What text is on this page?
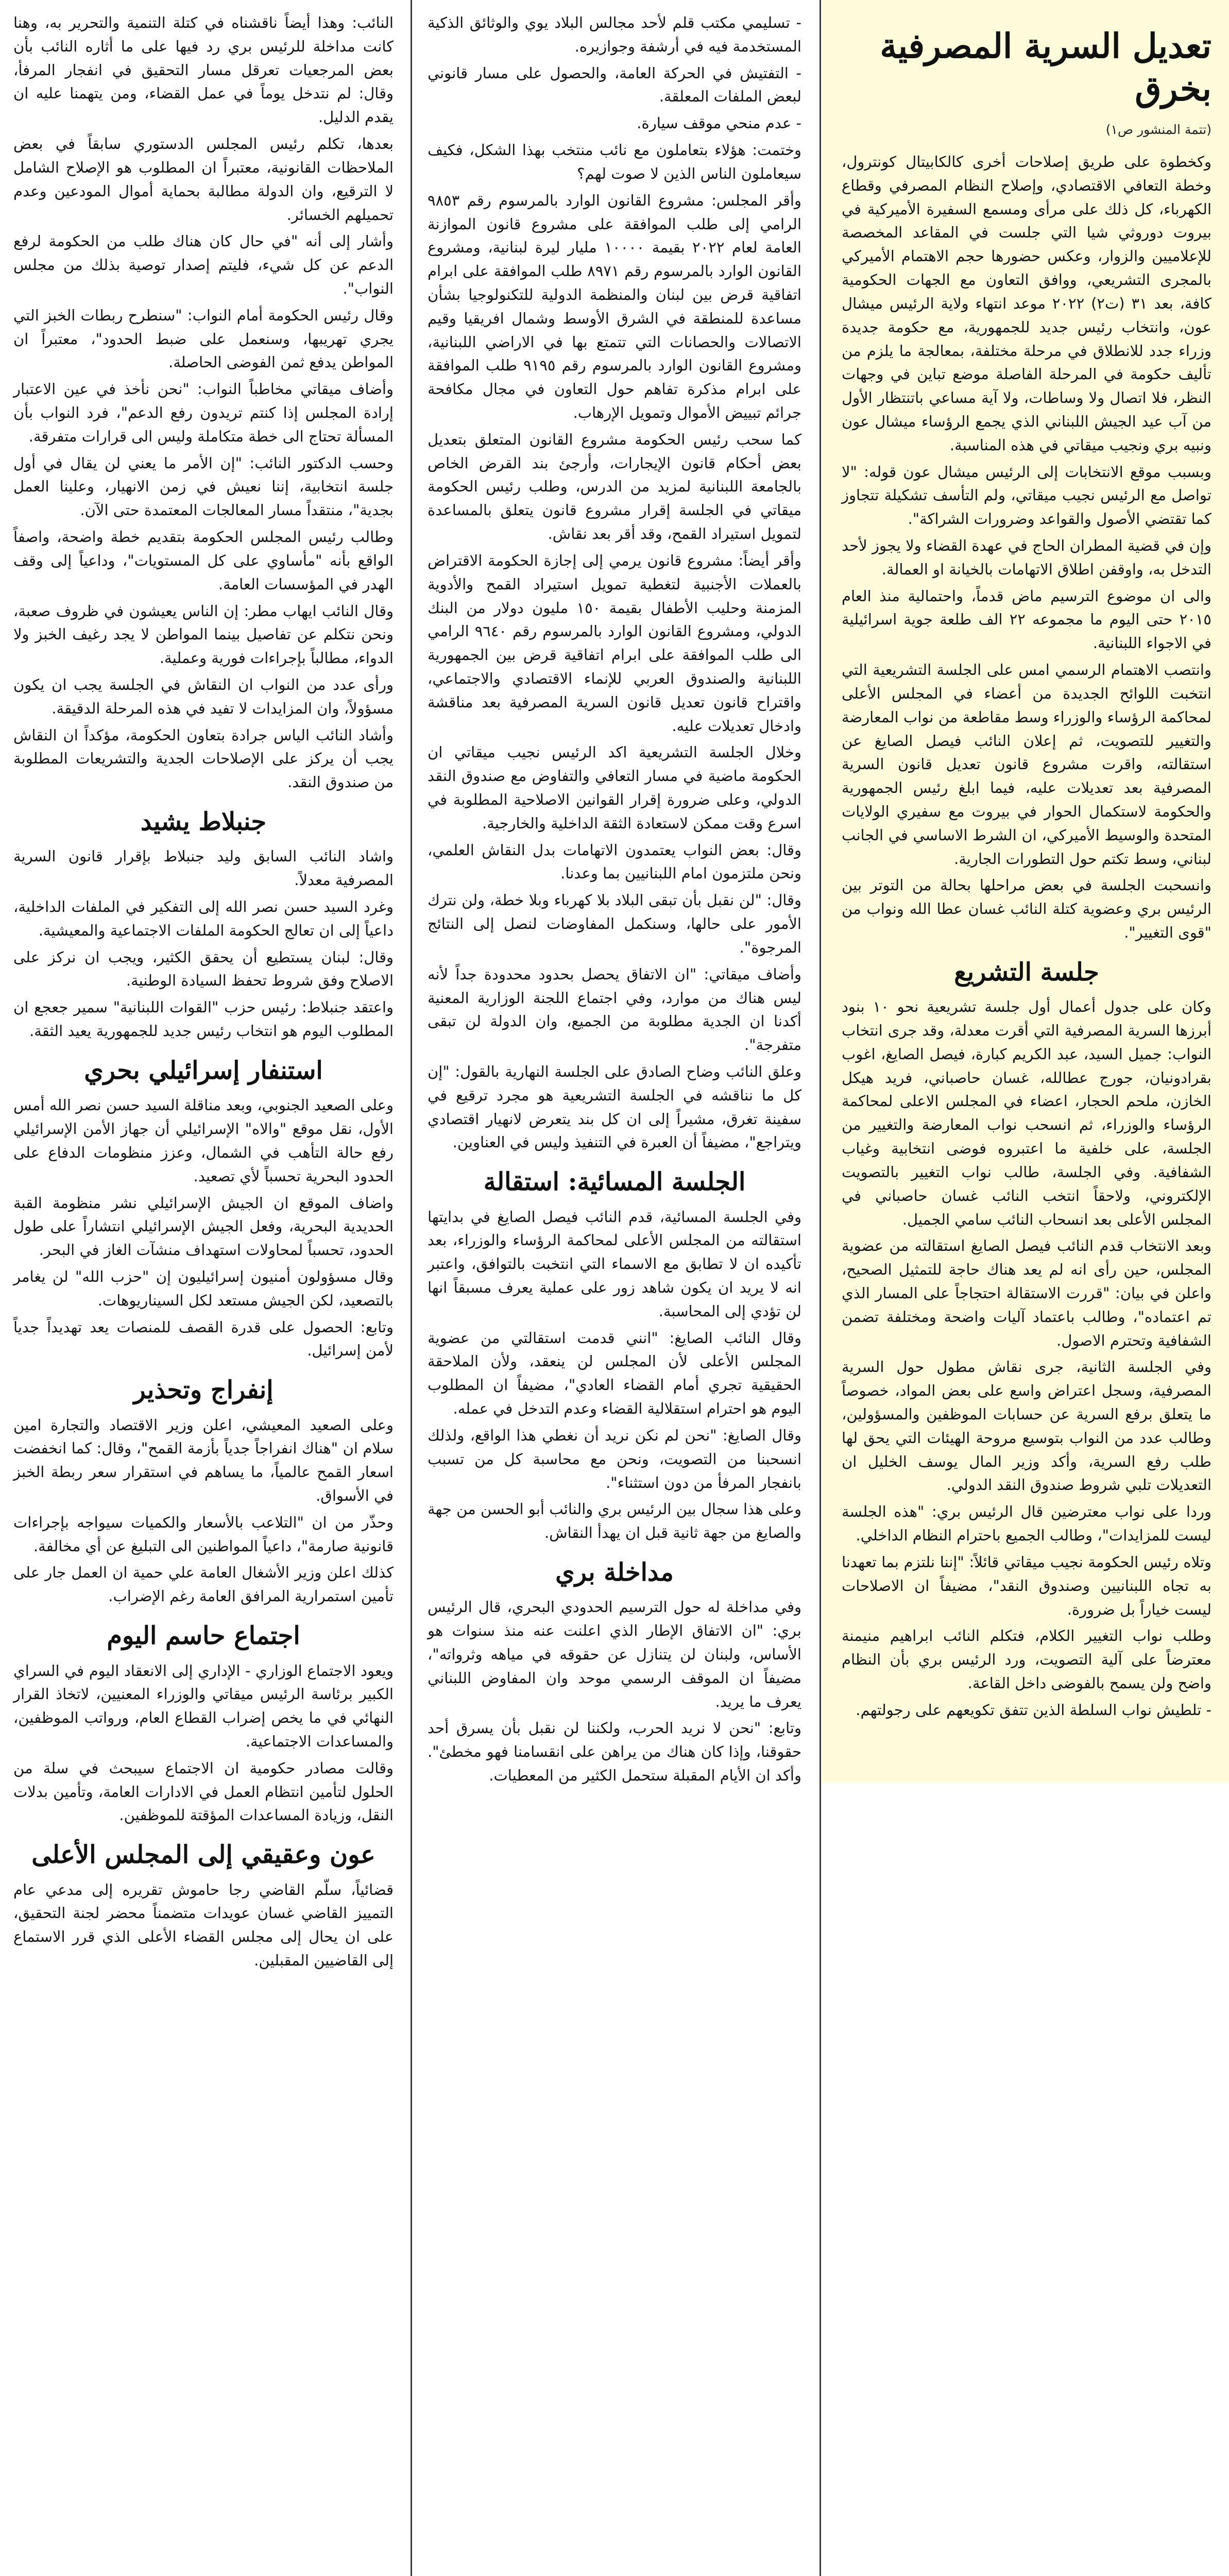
تعديل السرية المصرفية بخرق
(تتمة المنشور ص١)

وكخطوة على طريق إصلاحات أخرى كالكابيتال كونترول، وخطة التعافي الاقتصادي، وإصلاح النظام المصرفي وقطاع الكهرباء، كل ذلك على مرأى ومسمع السفيرة الأميركية في بيروت دوروثي شيا التي جلست في المقاعد المخصصة للإعلاميين والزوار، وعكس حضورها حجم الاهتمام الأميركي بالمجرى التشريعي، ووافق التعاون مع الجهات الحكومية كافة، بعد ٣١ (ت٢) ٢٠٢٢ موعد انتهاء ولاية الرئيس ميشال عون، وانتخاب رئيس جديد للجمهورية، مع حكومة جديدة وزراء جدد للانطلاق في مرحلة مختلفة، بمعالجة ما يلزم من تأليف حكومة في المرحلة الفاصلة موضع تباين في وجهات النظر، فلا اتصال ولا وساطات، ولا آية مساعي باتنتظار الأول من آب عيد الجيش اللبناني الذي يجمع الرؤساء ميشال عون ونبيه بري ونجيب ميقاتي في هذه المناسبة.

وبسبب موقع الانتخابات إلى الرئيس ميشال عون قوله: "لا تواصل مع الرئيس نجيب ميقاتي، ولم التأسف تشكيلة تتجاوز كما تقتضي الأصول والقواعد وضرورات الشراكة".

وإن في قضية المطران الحاج في عهدة القضاء ولا يجوز لأحد التدخل به، واوقفن اطلاق الاتهامات بالخيانة او العمالة.

والى ان موضوع الترسيم ماض قدماً، واحتمالية منذ العام ٢٠١٥ حتى اليوم ما مجموعه ٢٢ الف طلعة جوية اسرائيلية في الاجواء اللبنانية.

وانتصب الاهتمام الرسمي امس على الجلسة التشريعية التي انتخبت اللوائح الجديدة من أعضاء في المجلس الأعلى لمحاكمة الرؤساء والوزراء وسط مقاطعة من نواب المعارضة والتغيير للتصويت، ثم إعلان النائب فيصل الصايغ عن استقالته، واقرت مشروع قانون تعديل قانون السرية المصرفية بعد تعديلات عليه، فيما ابلغ رئيس الجمهورية والحكومة لاستكمال الحوار في بيروت مع سفيري الولايات المتحدة والوسيط الأميركي، ان الشرط الاساسي في الجانب لبناني، وسط تكتم حول التطورات الجارية.

وانسحبت الجلسة في بعض مراحلها بحالة من التوتر بين الرئيس بري وعضوية كتلة النائب غسان عطا الله ونواب من "قوى التغيير".

جلسة التشريع

وكان على جدول أعمال أول جلسة تشريعية نحو ١٠ بنود أبرزها السرية المصرفية التي أقرت معدلة، وقد جرى انتخاب النواب: جميل السيد، عبد الكريم كبارة، فيصل الصايغ، اغوب بقرادونيان، جورج عطالله، غسان حاصباني، فريد هيكل الخازن، ملحم الحجار، اعضاء في المجلس الاعلى لمحاكمة الرؤساء والوزراء، ثم انسحب نواب المعارضة والتغيير من الجلسة، على خلفية ما اعتبروه فوضى انتخابية وغياب الشفافية. وفي الجلسة، طالب نواب التغيير بالتصويت الإلكتروني، ولاحقاً انتخب النائب غسان حاصباني في المجلس الأعلى بعد انسحاب النائب سامي الجميل.

وبعد الانتخاب قدم النائب فيصل الصايغ استقالته من عضوية المجلس، حين رأى انه لم يعد هناك حاجة للتمثيل الصحيح، واعلن في بيان: "قررت الاستقالة احتجاجاً على المسار الذي تم اعتماده"، وطالب باعتماد آليات واضحة ومختلفة تضمن الشفافية وتحترم الاصول.

وفي الجلسة الثانية، جرى نقاش مطول حول السرية المصرفية، وسجل اعتراض واسع على بعض المواد، خصوصاً ما يتعلق برفع السرية عن حسابات الموظفين والمسؤولين، وطالب عدد من النواب بتوسيع مروحة الهيئات التي يحق لها طلب رفع السرية، وأكد وزير المال يوسف الخليل ان التعديلات تلبي شروط صندوق النقد الدولي.

وردا على نواب معترضين قال الرئيس بري: "هذه الجلسة ليست للمزايدات"، وطالب الجميع باحترام النظام الداخلي.

وتلاه رئيس الحكومة نجيب ميقاتي قائلاً: "إننا نلتزم بما تعهدنا به تجاه اللبنانيين وصندوق النقد"، مضيفاً ان الاصلاحات ليست خياراً بل ضرورة.

وطلب نواب التغيير الكلام، فتكلم النائب ابراهيم منيمنة معترضاً على آلية التصويت، ورد الرئيس بري بأن النظام واضح ولن يسمح بالفوضى داخل القاعة.

- تلطيش نواب السلطة الذين تتفق تكويعهم على رجولتهم.

- تسليمي مكتب قلم لأحد مجالس البلاد يوي والوثائق الذكية المستخدمة فيه في أرشفة وجوازيره.

- التفتيش في الحركة العامة، والحصول على مسار قانوني لبعض الملفات المعلقة.

- عدم منحي موقف سيارة.

وختمت: هؤلاء بتعاملون مع نائب منتخب بهذا الشكل، فكيف سيعاملون الناس الذين لا صوت لهم؟

وأقر المجلس: مشروع القانون الوارد بالمرسوم رقم ٩٨٥٣ الرامي إلى طلب الموافقة على مشروع قانون الموازنة العامة لعام ٢٠٢٢ بقيمة ١٠٠٠٠ مليار ليرة لبنانية، ومشروع القانون الوارد بالمرسوم رقم ٨٩٧١ طلب الموافقة على ابرام اتفاقية قرض بين لبنان والمنظمة الدولية للتكنولوجيا بشأن مساعدة للمنطقة في الشرق الأوسط وشمال افريقيا وقيم الاتصالات والحصانات التي تتمتع بها في الاراضي اللبنانية، ومشروع القانون الوارد بالمرسوم رقم ٩١٩٥ طلب الموافقة على ابرام مذكرة تفاهم حول التعاون في مجال مكافحة جرائم تبييض الأموال وتمويل الإرهاب.

كما سحب رئيس الحكومة مشروع القانون المتعلق بتعديل بعض أحكام قانون الإيجارات، وأرجئ بند القرض الخاص بالجامعة اللبنانية لمزيد من الدرس، وطلب رئيس الحكومة ميقاتي في الجلسة إقرار مشروع قانون يتعلق بالمساعدة لتمويل استيراد القمح، وقد أقر بعد نقاش.

وأقر أيضاً: مشروع قانون يرمي إلى إجازة الحكومة الاقتراض بالعملات الأجنبية لتغطية تمويل استيراد القمح والأدوية المزمنة وحليب الأطفال بقيمة ١٥٠ مليون دولار من البنك الدولي، ومشروع القانون الوارد بالمرسوم رقم ٩٦٤٠ الرامي الى طلب الموافقة على ابرام اتفاقية قرض بين الجمهورية اللبنانية والصندوق العربي للإنماء الاقتصادي والاجتماعي، واقتراح قانون تعديل قانون السرية المصرفية بعد مناقشة وادخال تعديلات عليه.

وخلال الجلسة التشريعية اكد الرئيس نجيب ميقاتي ان الحكومة ماضية في مسار التعافي والتفاوض مع صندوق النقد الدولي، وعلى ضرورة إقرار القوانين الاصلاحية المطلوبة في اسرع وقت ممكن لاستعادة الثقة الداخلية والخارجية.

وقال: بعض النواب يعتمدون الاتهامات بدل النقاش العلمي، ونحن ملتزمون امام اللبنانيين بما وعدنا.

وقال: "لن نقبل بأن تبقى البلاد بلا كهرباء وبلا خطة، ولن نترك الأمور على حالها، وسنكمل المفاوضات لنصل إلى النتائج المرجوة".

وأضاف ميقاتي: "ان الاتفاق يحصل بحدود محدودة جداً لأنه ليس هناك من موارد، وفي اجتماع اللجنة الوزارية المعنية أكدنا ان الجدية مطلوبة من الجميع، وان الدولة لن تبقى متفرجة".

وعلق النائب وضاح الصادق على الجلسة النهارية بالقول: "إن كل ما نناقشه في الجلسة التشريعية هو مجرد ترقيع في سفينة تغرق، مشيراً إلى ان كل بند يتعرض لانهيار اقتصادي ويتراجع"، مضيفاً أن العبرة في التنفيذ وليس في العناوين.

الجلسة المسائية: استقالة

وفي الجلسة المسائية، قدم النائب فيصل الصايغ في بدايتها استقالته من المجلس الأعلى لمحاكمة الرؤساء والوزراء، بعد تأكيده ان لا تطابق مع الاسماء التي انتخبت بالتوافق، واعتبر انه لا يريد ان يكون شاهد زور على عملية يعرف مسبقاً انها لن تؤدي إلى المحاسبة.

وقال النائب الصايغ: "انني قدمت استقالتي من عضوية المجلس الأعلى لأن المجلس لن ينعقد، ولأن الملاحقة الحقيقية تجري أمام القضاء العادي"، مضيفاً ان المطلوب اليوم هو احترام استقلالية القضاء وعدم التدخل في عمله.

وقال الصايغ: "نحن لم نكن نريد أن نغطي هذا الواقع، ولذلك انسحبنا من التصويت، ونحن مع محاسبة كل من تسبب بانفجار المرفأ من دون استثناء".

وعلى هذا سجال بين الرئيس بري والنائب أبو الحسن من جهة والصايغ من جهة ثانية قبل ان يهدأ النقاش.

مداخلة بري

وفي مداخلة له حول الترسيم الحدودي البحري، قال الرئيس بري: "ان الاتفاق الإطار الذي اعلنت عنه منذ سنوات هو الأساس، ولبنان لن يتنازل عن حقوقه في مياهه وثرواته"، مضيفاً ان الموقف الرسمي موحد وان المفاوض اللبناني يعرف ما يريد.

وتابع: "نحن لا نريد الحرب، ولكننا لن نقبل بأن يسرق أحد حقوقنا، وإذا كان هناك من يراهن على انقسامنا فهو مخطئ". وأكد ان الأيام المقبلة ستحمل الكثير من المعطيات.

النائب: وهذا أيضاً ناقشناه في كتلة التنمية والتحرير به، وهنا كانت مداخلة للرئيس بري رد فيها على ما أثاره النائب بأن بعض المرجعيات تعرقل مسار التحقيق في انفجار المرفأ، وقال: لم نتدخل يوماً في عمل القضاء، ومن يتهمنا عليه ان يقدم الدليل.

بعدها، تكلم رئيس المجلس الدستوري سابقاً في بعض الملاحظات القانونية، معتبراً ان المطلوب هو الإصلاح الشامل لا الترقيع، وان الدولة مطالبة بحماية أموال المودعين وعدم تحميلهم الخسائر.

وأشار إلى أنه "في حال كان هناك طلب من الحكومة لرفع الدعم عن كل شيء، فليتم إصدار توصية بذلك من مجلس النواب".

وقال رئيس الحكومة أمام النواب: "سنطرح ربطات الخبز التي يجري تهريبها، وسنعمل على ضبط الحدود"، معتبراً ان المواطن يدفع ثمن الفوضى الحاصلة.

وأضاف ميقاتي مخاطباً النواب: "نحن نأخذ في عين الاعتبار إرادة المجلس إذا كنتم تريدون رفع الدعم"، فرد النواب بأن المسألة تحتاج الى خطة متكاملة وليس الى قرارات متفرقة.

وحسب الدكتور النائب: "إن الأمر ما يعني لن يقال في أول جلسة انتخابية، إننا نعيش في زمن الانهيار، وعلينا العمل بجدية"، منتقداً مسار المعالجات المعتمدة حتى الآن.

وطالب رئيس المجلس الحكومة بتقديم خطة واضحة، واصفاً الواقع بأنه "مأساوي على كل المستويات"، وداعياً إلى وقف الهدر في المؤسسات العامة.

وقال النائب ايهاب مطر: إن الناس يعيشون في ظروف صعبة، ونحن نتكلم عن تفاصيل بينما المواطن لا يجد رغيف الخبز ولا الدواء، مطالباً بإجراءات فورية وعملية.

ورأى عدد من النواب ان النقاش في الجلسة يجب ان يكون مسؤولاً، وان المزايدات لا تفيد في هذه المرحلة الدقيقة.

وأشاد النائب الياس جرادة بتعاون الحكومة، مؤكداً ان النقاش يجب أن يركز على الإصلاحات الجدية والتشريعات المطلوبة من صندوق النقد.

جنبلاط يشيد

واشاد النائب السابق وليد جنبلاط بإقرار قانون السرية المصرفية معدلاً.

وغرد السيد حسن نصر الله إلى التفكير في الملفات الداخلية، داعياً إلى ان تعالج الحكومة الملفات الاجتماعية والمعيشية.

وقال: لبنان يستطيع أن يحقق الكثير، ويجب ان نركز على الاصلاح وفق شروط تحفظ السيادة الوطنية.

واعتقد جنبلاط: رئيس حزب "القوات اللبنانية" سمير جعجع ان المطلوب اليوم هو انتخاب رئيس جديد للجمهورية يعيد الثقة.

استنفار إسرائيلي بحري

وعلى الصعيد الجنوبي، وبعد مناقلة السيد حسن نصر الله أمس الأول، نقل موقع "والاه" الإسرائيلي أن جهاز الأمن الإسرائيلي رفع حالة التأهب في الشمال، وعزز منظومات الدفاع على الحدود البحرية تحسباً لأي تصعيد.

واضاف الموقع ان الجيش الإسرائيلي نشر منظومة القبة الحديدية البحرية، وفعل الجيش الإسرائيلي انتشاراً على طول الحدود، تحسباً لمحاولات استهداف منشآت الغاز في البحر.

وقال مسؤولون أمنيون إسرائيليون إن "حزب الله" لن يغامر بالتصعيد، لكن الجيش مستعد لكل السيناريوهات.

وتابع: الحصول على قدرة القصف للمنصات يعد تهديداً جدياً لأمن إسرائيل.

إنفراج وتحذير

وعلى الصعيد المعيشي، اعلن وزير الاقتصاد والتجارة امين سلام ان "هناك انفراجاً جدياً بأزمة القمح"، وقال: كما انخفضت اسعار القمح عالمياً، ما يساهم في استقرار سعر ربطة الخبز في الأسواق.

وحذّر من ان "التلاعب بالأسعار والكميات سيواجه بإجراءات قانونية صارمة"، داعياً المواطنين الى التبليغ عن أي مخالفة.

كذلك اعلن وزير الأشغال العامة علي حمية ان العمل جار على تأمين استمرارية المرافق العامة رغم الإضراب.

اجتماع حاسم اليوم

ويعود الاجتماع الوزاري - الإداري إلى الانعقاد اليوم في السراي الكبير برئاسة الرئيس ميقاتي والوزراء المعنيين، لاتخاذ القرار النهائي في ما يخص إضراب القطاع العام، ورواتب الموظفين، والمساعدات الاجتماعية.

وقالت مصادر حكومية ان الاجتماع سيبحث في سلة من الحلول لتأمين انتظام العمل في الادارات العامة، وتأمين بدلات النقل، وزيادة المساعدات المؤقتة للموظفين.

عون وعقيقي إلى المجلس الأعلى

قضائياً، سلّم القاضي رجا حاموش تقريره إلى مدعي عام التمييز القاضي غسان عويدات متضمناً محضر لجنة التحقيق، على ان يحال إلى مجلس القضاء الأعلى الذي قرر الاستماع إلى القاضيين المقبلين.
